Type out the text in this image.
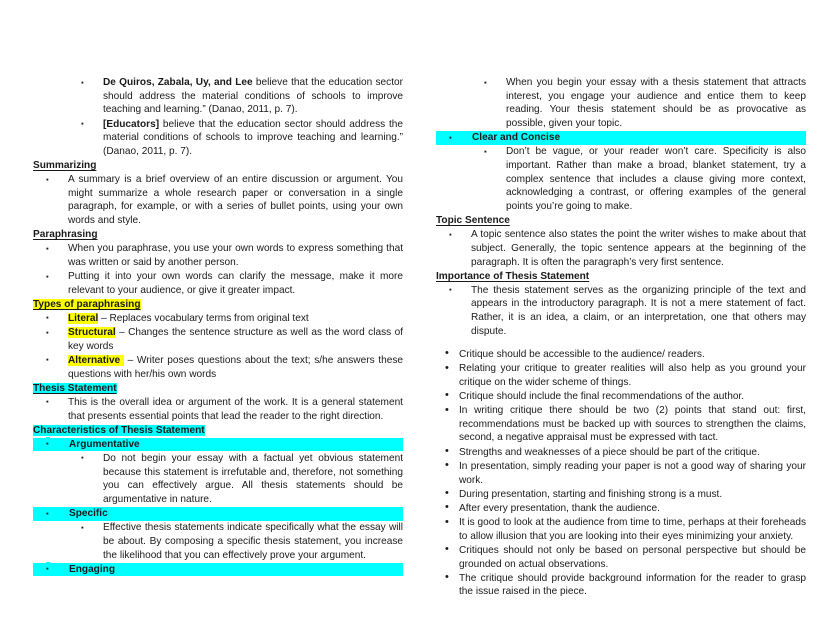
▪ De Quiros, Zabala, Uy, and Lee believe that the education sector should address the material conditions of schools to improve teaching and learning.” (Danao, 2011, p. 7).
▪ [Educators] believe that the education sector should address the material conditions of schools to improve teaching and learning.” (Danao, 2011, p. 7).
Summarizing
▪ A summary is a brief overview of an entire discussion or argument. You might summarize a whole research paper or conversation in a single paragraph, for example, or with a series of bullet points, using your own words and style.
Paraphrasing
▪ When you paraphrase, you use your own words to express something that was written or said by another person.
▪ Putting it into your own words can clarify the message, make it more relevant to your audience, or give it greater impact.
Types of paraphrasing
▪ Literal – Replaces vocabulary terms from original text
▪ Structural – Changes the sentence structure as well as the word class of key words
▪ Alternative  – Writer poses questions about the text; s/he answers these questions with her/his own words
Thesis Statement
▪ This is the overall idea or argument of the work. It is a general statement that presents essential points that lead the reader to the right direction.
Characteristics of Thesis Statement
▪ Argumentative
▪ Do not begin your essay with a factual yet obvious statement because this statement is irrefutable and, therefore, not something you can effectively argue. All thesis statements should be argumentative in nature.
▪ Specific
▪ Effective thesis statements indicate specifically what the essay will be about. By composing a specific thesis statement, you increase the likelihood that you can effectively prove your argument.
▪ Engaging
▪ When you begin your essay with a thesis statement that attracts interest, you engage your audience and entice them to keep reading. Your thesis statement should be as provocative as possible, given your topic.
▪ Clear and Concise
▪ Don’t be vague, or your reader won’t care. Specificity is also important. Rather than make a broad, blanket statement, try a complex sentence that includes a clause giving more context, acknowledging a contrast, or offering examples of the general points you’re going to make.
Topic Sentence
▪ A topic sentence also states the point the writer wishes to make about that subject. Generally, the topic sentence appears at the beginning of the paragraph. It is often the paragraph’s very first sentence.
Importance of Thesis Statement
▪ The thesis statement serves as the organizing principle of the text and appears in the introductory paragraph. It is not a mere statement of fact. Rather, it is an idea, a claim, or an interpretation, one that others may dispute.
• Critique should be accessible to the audience/ readers.
• Relating your critique to greater realities will also help as you ground your critique on the wider scheme of things.
• Critique should include the final recommendations of the author.
• In writing critique there should be two (2) points that stand out: first, recommendations must be backed up with sources to strengthen the claims, second, a negative appraisal must be expressed with tact.
• Strengths and weaknesses of a piece should be part of the critique.
• In presentation, simply reading your paper is not a good way of sharing your work.
• During presentation, starting and finishing strong is a must.
• After every presentation, thank the audience.
• It is good to look at the audience from time to time, perhaps at their foreheads to allow illusion that you are looking into their eyes minimizing your anxiety.
• Critiques should not only be based on personal perspective but should be grounded on actual observations.
• The critique should provide background information for the reader to grasp the issue raised in the piece.
